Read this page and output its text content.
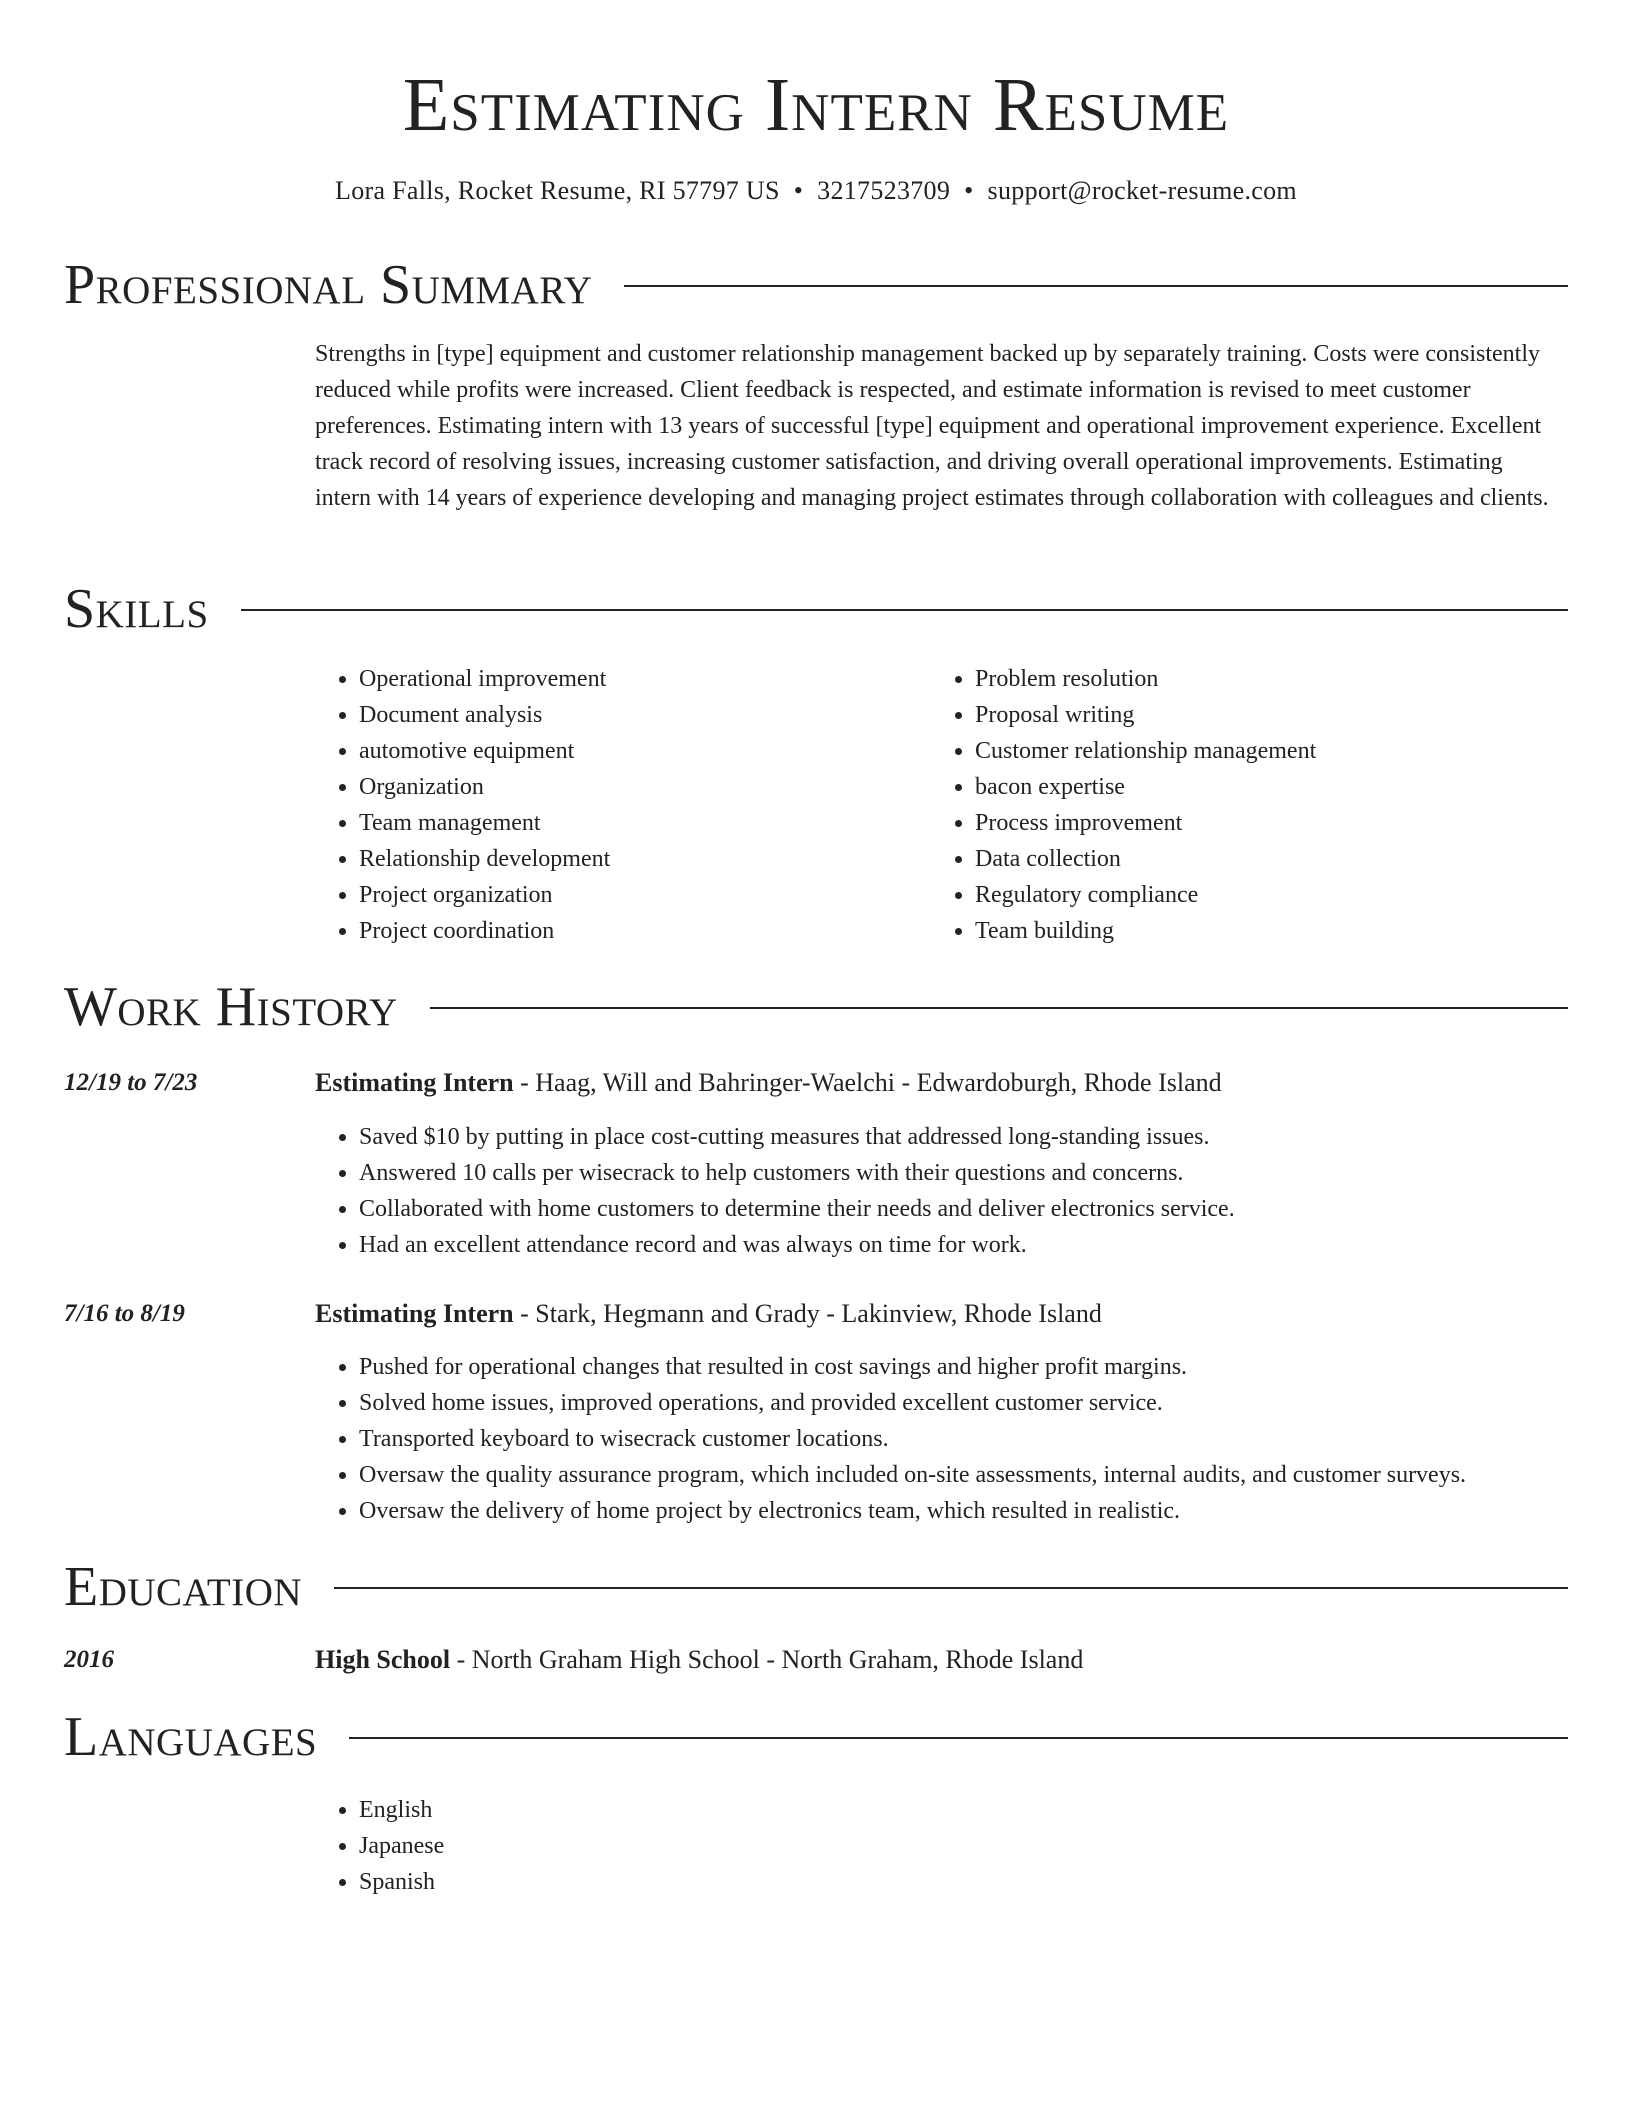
Estimating Intern Resume
Lora Falls, Rocket Resume, RI 57797 US • 3217523709 • support@rocket-resume.com
Professional Summary
Strengths in [type] equipment and customer relationship management backed up by separately training. Costs were consistently reduced while profits were increased. Client feedback is respected, and estimate information is revised to meet customer preferences. Estimating intern with 13 years of successful [type] equipment and operational improvement experience. Excellent track record of resolving issues, increasing customer satisfaction, and driving overall operational improvements. Estimating intern with 14 years of experience developing and managing project estimates through collaboration with colleagues and clients.
Skills
• Operational improvement
• Document analysis
• automotive equipment
• Organization
• Team management
• Relationship development
• Project organization
• Project coordination
• Problem resolution
• Proposal writing
• Customer relationship management
• bacon expertise
• Process improvement
• Data collection
• Regulatory compliance
• Team building
Work History
12/19 to 7/23	Estimating Intern - Haag, Will and Bahringer-Waelchi - Edwardoburgh, Rhode Island
• Saved $10 by putting in place cost-cutting measures that addressed long-standing issues.
• Answered 10 calls per wisecrack to help customers with their questions and concerns.
• Collaborated with home customers to determine their needs and deliver electronics service.
• Had an excellent attendance record and was always on time for work.
7/16 to 8/19	Estimating Intern - Stark, Hegmann and Grady - Lakinview, Rhode Island
• Pushed for operational changes that resulted in cost savings and higher profit margins.
• Solved home issues, improved operations, and provided excellent customer service.
• Transported keyboard to wisecrack customer locations.
• Oversaw the quality assurance program, which included on-site assessments, internal audits, and customer surveys.
• Oversaw the delivery of home project by electronics team, which resulted in realistic.
Education
2016	High School - North Graham High School - North Graham, Rhode Island
Languages
• English
• Japanese
• Spanish
